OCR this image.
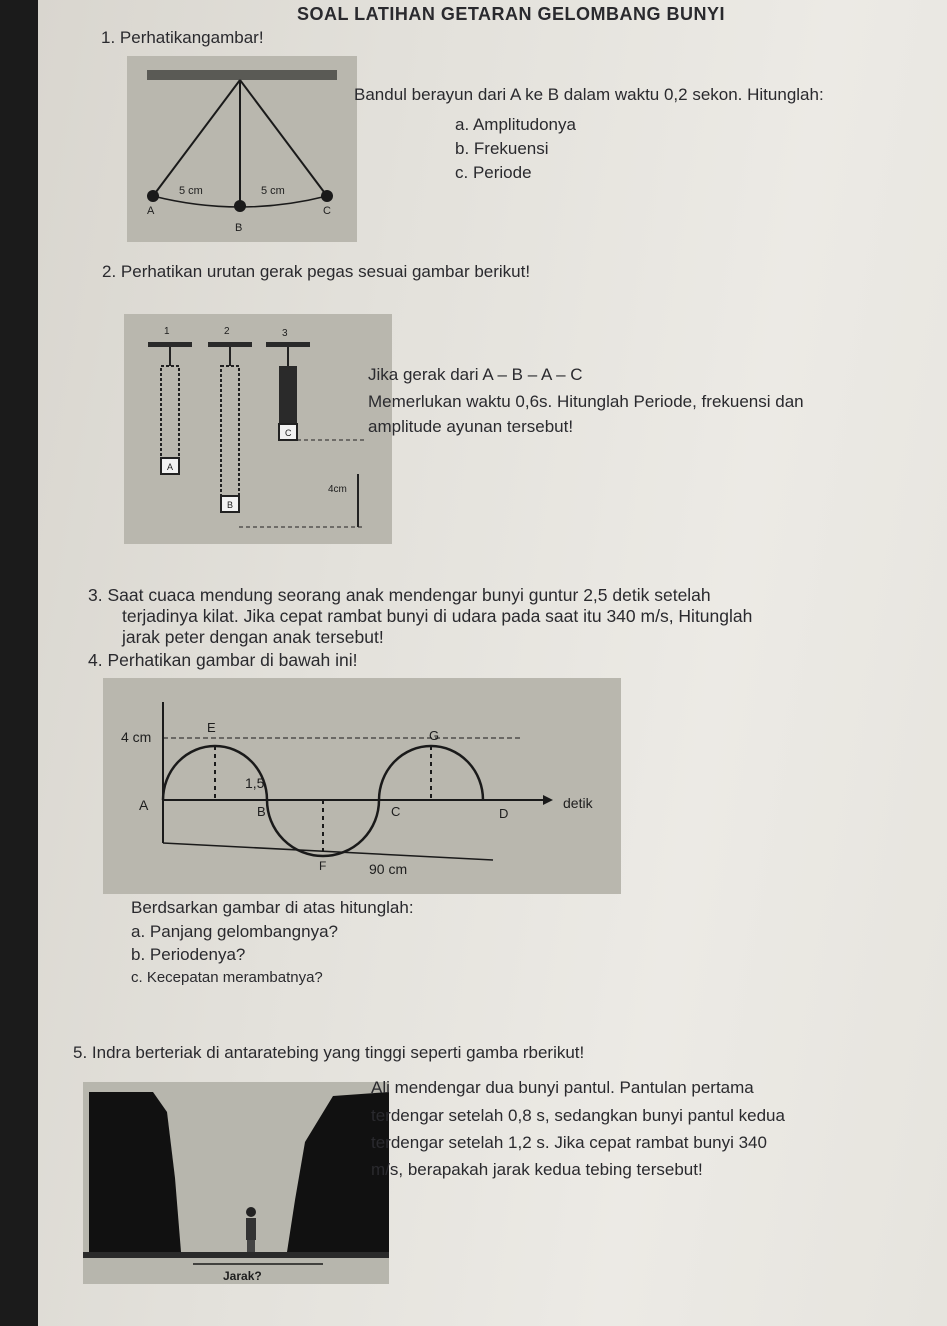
SOAL LATIHAN GETARAN GELOMBANG BUNYI
1. Perhatikangambar!
A
B
C
5 cm	5 cm
Bandul berayun dari A ke B dalam waktu 0,2 sekon. Hitunglah:
a. Amplitudonya
b. Frekuensi
c. Periode
2. Perhatikan urutan gerak pegas sesuai gambar berikut!
1	2	3
A
B
C
4cm
Jika gerak dari A – B – A – C
Memerlukan waktu 0,6s. Hitunglah Periode, frekuensi dan
amplitude ayunan tersebut!
3. Saat cuaca mendung seorang anak mendengar bunyi guntur 2,5 detik setelah
terjadinya kilat. Jika cepat rambat bunyi di udara pada saat itu 340 m/s, Hitunglah
jarak peter dengan anak tersebut!
4. Perhatikan gambar di bawah ini!
4 cm
A	B	C	D
E
F
G
1,5
detik
90 cm
Berdsarkan gambar di atas hitunglah:
a. Panjang gelombangnya?
b. Periodenya?
c. Kecepatan merambatnya?
5. Indra berteriak di antaratebing yang tinggi seperti gamba rberikut!
Jarak?
Ali mendengar dua bunyi pantul. Pantulan pertama
terdengar setelah 0,8 s, sedangkan bunyi pantul kedua
terdengar setelah 1,2 s. Jika cepat rambat bunyi 340
m/s, berapakah jarak kedua tebing tersebut!
